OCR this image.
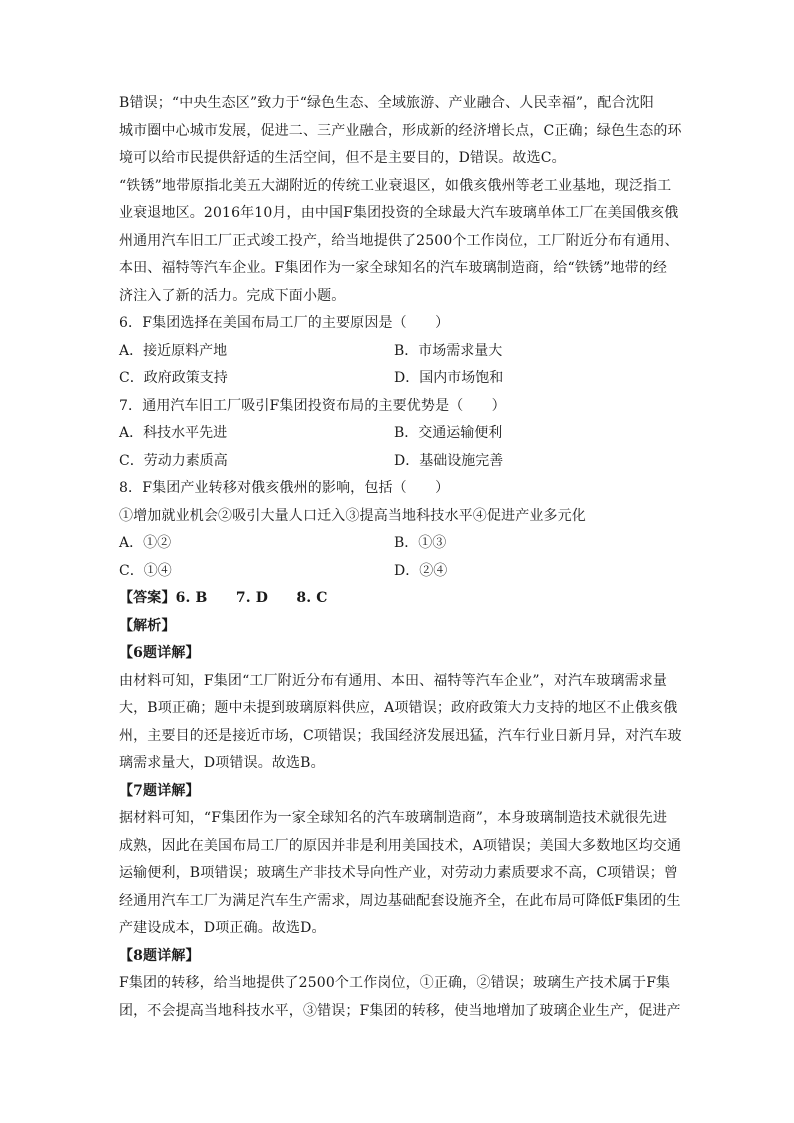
B错误；“中央生态区”致力于“绿色生态、全域旅游、产业融合、人民幸福”，配合沈阳
城市圈中心城市发展，促进二、三产业融合，形成新的经济增长点，C正确；绿色生态的环
境可以给市民提供舒适的生活空间，但不是主要目的，D错误。故选C。
“铁锈”地带原指北美五大湖附近的传统工业衰退区，如俄亥俄州等老工业基地，现泛指工
业衰退地区。2016年10月，由中国F集团投资的全球最大汽车玻璃单体工厂在美国俄亥俄
州通用汽车旧工厂正式竣工投产，给当地提供了2500个工作岗位，工厂附近分布有通用、
本田、福特等汽车企业。F集团作为一家全球知名的汽车玻璃制造商，给“铁锈”地带的经
济注入了新的活力。完成下面小题。
6．F集团选择在美国布局工厂的主要原因是（　　）
A．接近原料产地	B．市场需求量大
C．政府政策支持	D．国内市场饱和
7．通用汽车旧工厂吸引F集团投资布局的主要优势是（　　）
A．科技水平先进	B．交通运输便利
C．劳动力素质高	D．基础设施完善
8．F集团产业转移对俄亥俄州的影响，包括（　　）
①增加就业机会②吸引大量人口迁入③提高当地科技水平④促进产业多元化
A．①②	B．①③
C．①④	D．②④
【答案】6. B　　7. D　　8. C
【解析】
【6题详解】
由材料可知，F集团“工厂附近分布有通用、本田、福特等汽车企业”，对汽车玻璃需求量
大，B项正确；题中未提到玻璃原料供应，A项错误；政府政策大力支持的地区不止俄亥俄
州，主要目的还是接近市场，C项错误；我国经济发展迅猛，汽车行业日新月异，对汽车玻
璃需求量大，D项错误。故选B。
【7题详解】
据材料可知，“F集团作为一家全球知名的汽车玻璃制造商”，本身玻璃制造技术就很先进
成熟，因此在美国布局工厂的原因并非是利用美国技术，A项错误；美国大多数地区均交通
运输便利，B项错误；玻璃生产非技术导向性产业，对劳动力素质要求不高，C项错误；曾
经通用汽车工厂为满足汽车生产需求，周边基础配套设施齐全，在此布局可降低F集团的生
产建设成本，D项正确。故选D。
【8题详解】
F集团的转移，给当地提供了2500个工作岗位，①正确，②错误；玻璃生产技术属于F集
团，不会提高当地科技水平，③错误；F集团的转移，使当地增加了玻璃企业生产，促进产
